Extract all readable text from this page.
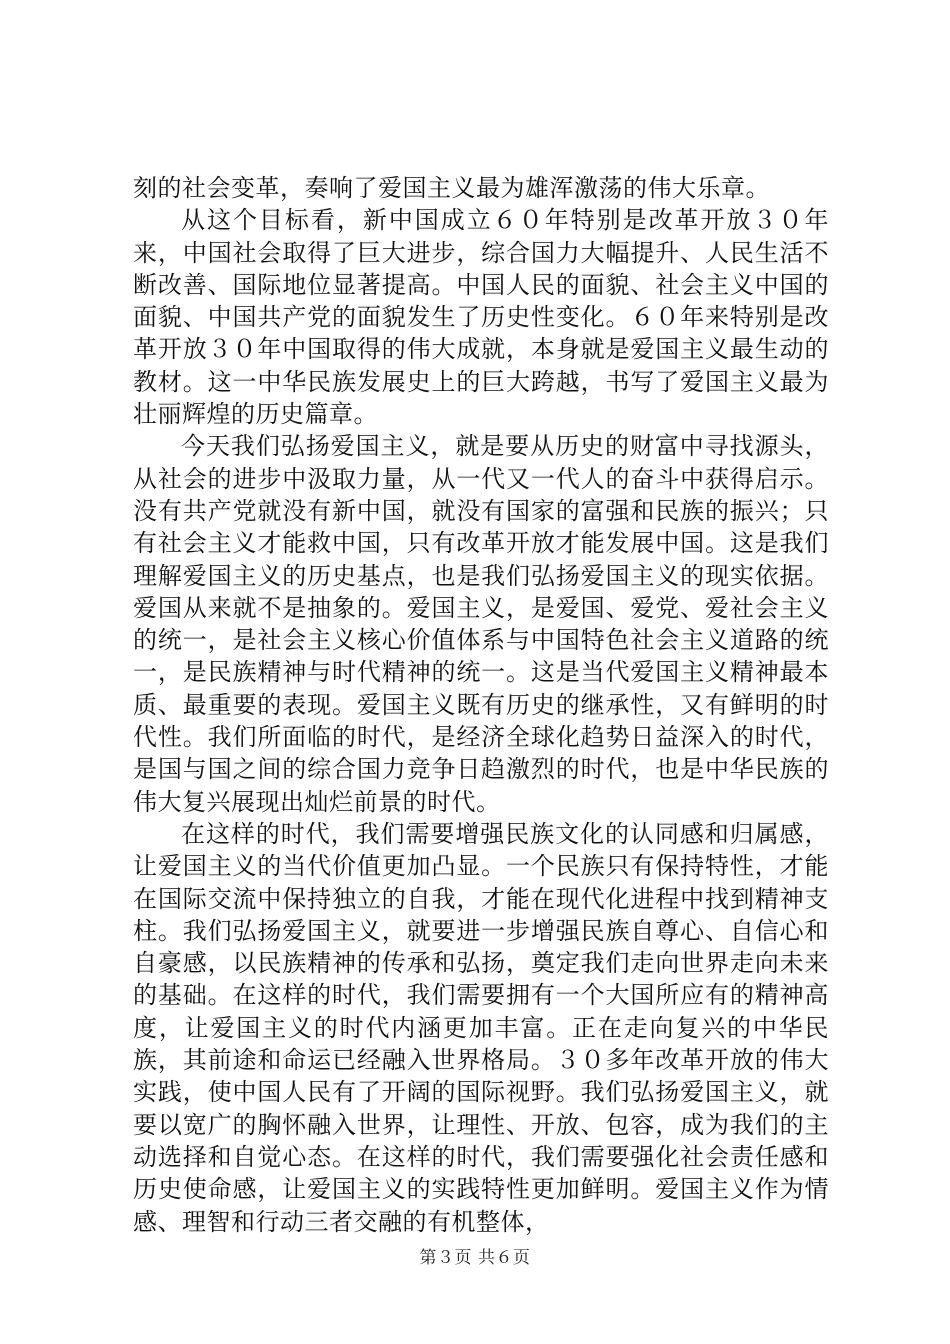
刻的社会变革，奏响了爱国主义最为雄浑激荡的伟大乐章。

从这个目标看，新中国成立６０年特别是改革开放３０年来，中国社会取得了巨大进步，综合国力大幅提升、人民生活不断改善、国际地位显著提高。中国人民的面貌、社会主义中国的面貌、中国共产党的面貌发生了历史性变化。６０年来特别是改革开放３０年中国取得的伟大成就，本身就是爱国主义最生动的教材。这一中华民族发展史上的巨大跨越，书写了爱国主义最为壮丽辉煌的历史篇章。

今天我们弘扬爱国主义，就是要从历史的财富中寻找源头，从社会的进步中汲取力量，从一代又一代人的奋斗中获得启示。没有共产党就没有新中国，就没有国家的富强和民族的振兴；只有社会主义才能救中国，只有改革开放才能发展中国。这是我们理解爱国主义的历史基点，也是我们弘扬爱国主义的现实依据。爱国从来就不是抽象的。爱国主义，是爱国、爱党、爱社会主义的统一，是社会主义核心价值体系与中国特色社会主义道路的统一，是民族精神与时代精神的统一。这是当代爱国主义精神最本质、最重要的表现。爱国主义既有历史的继承性，又有鲜明的时代性。我们所面临的时代，是经济全球化趋势日益深入的时代，是国与国之间的综合国力竞争日趋激烈的时代，也是中华民族的伟大复兴展现出灿烂前景的时代。

在这样的时代，我们需要增强民族文化的认同感和归属感，让爱国主义的当代价值更加凸显。一个民族只有保持特性，才能在国际交流中保持独立的自我，才能在现代化进程中找到精神支柱。我们弘扬爱国主义，就要进一步增强民族自尊心、自信心和自豪感，以民族精神的传承和弘扬，奠定我们走向世界走向未来的基础。在这样的时代，我们需要拥有一个大国所应有的精神高度，让爱国主义的时代内涵更加丰富。正在走向复兴的中华民族，其前途和命运已经融入世界格局。３０多年改革开放的伟大实践，使中国人民有了开阔的国际视野。我们弘扬爱国主义，就要以宽广的胸怀融入世界，让理性、开放、包容，成为我们的主动选择和自觉心态。在这样的时代，我们需要强化社会责任感和历史使命感，让爱国主义的实践特性更加鲜明。爱国主义作为情感、理智和行动三者交融的有机整体，

第３页 共６页
